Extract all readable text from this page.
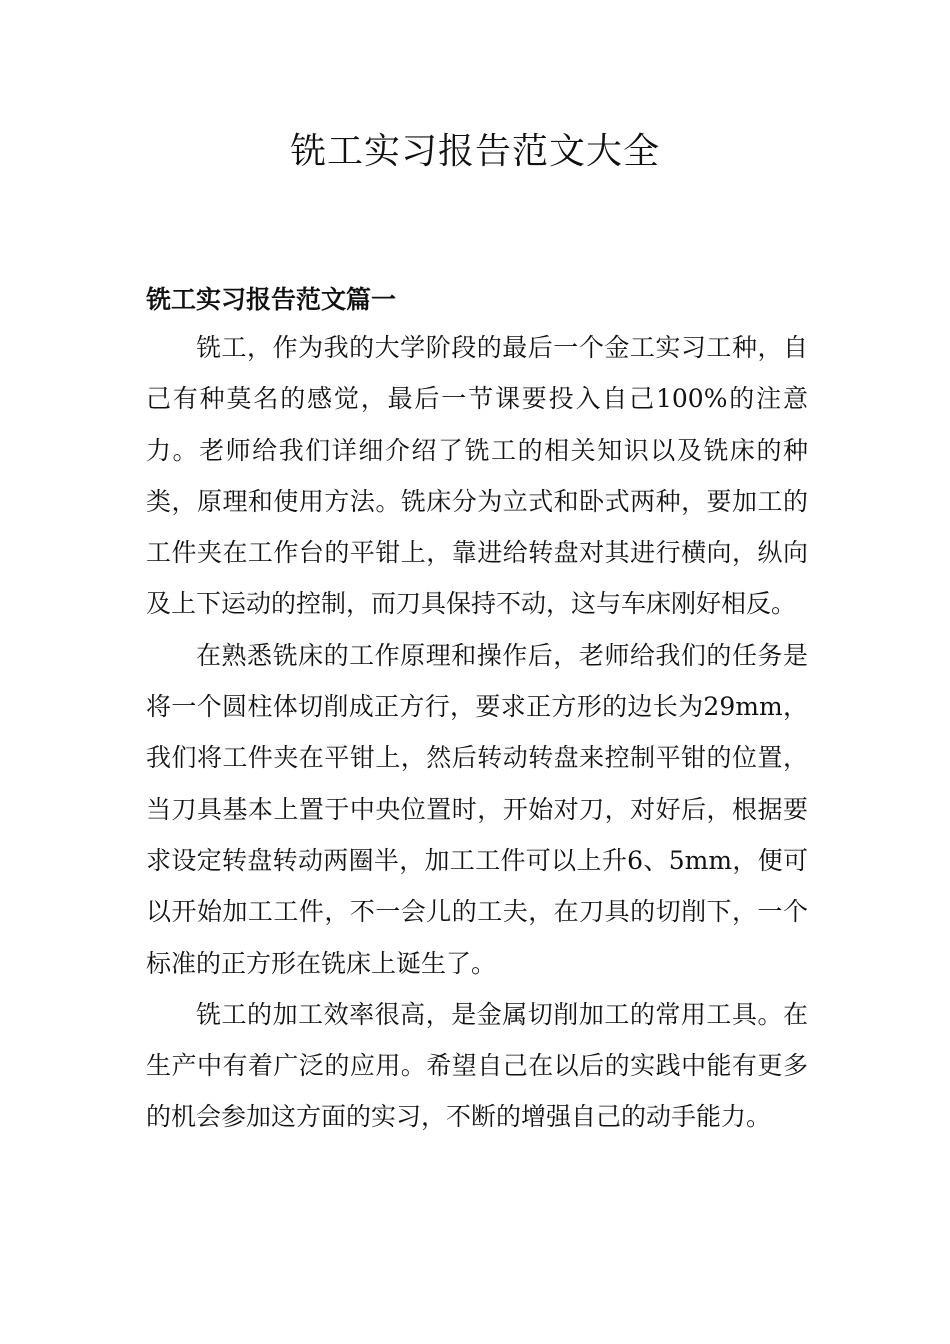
铣工实习报告范文大全
铣工实习报告范文篇一

铣工，作为我的大学阶段的最后一个金工实习工种，自己有种莫名的感觉，最后一节课要投入自己100%的注意力。老师给我们详细介绍了铣工的相关知识以及铣床的种类，原理和使用方法。铣床分为立式和卧式两种，要加工的工件夹在工作台的平钳上，靠进给转盘对其进行横向，纵向及上下运动的控制，而刀具保持不动，这与车床刚好相反。

在熟悉铣床的工作原理和操作后，老师给我们的任务是将一个圆柱体切削成正方行，要求正方形的边长为29mm，我们将工件夹在平钳上，然后转动转盘来控制平钳的位置，当刀具基本上置于中央位置时，开始对刀，对好后，根据要求设定转盘转动两圈半，加工工件可以上升6、5mm，便可以开始加工工件，不一会儿的工夫，在刀具的切削下，一个标准的正方形在铣床上诞生了。

铣工的加工效率很高，是金属切削加工的常用工具。在生产中有着广泛的应用。希望自己在以后的实践中能有更多的机会参加这方面的实习，不断的增强自己的动手能力。
